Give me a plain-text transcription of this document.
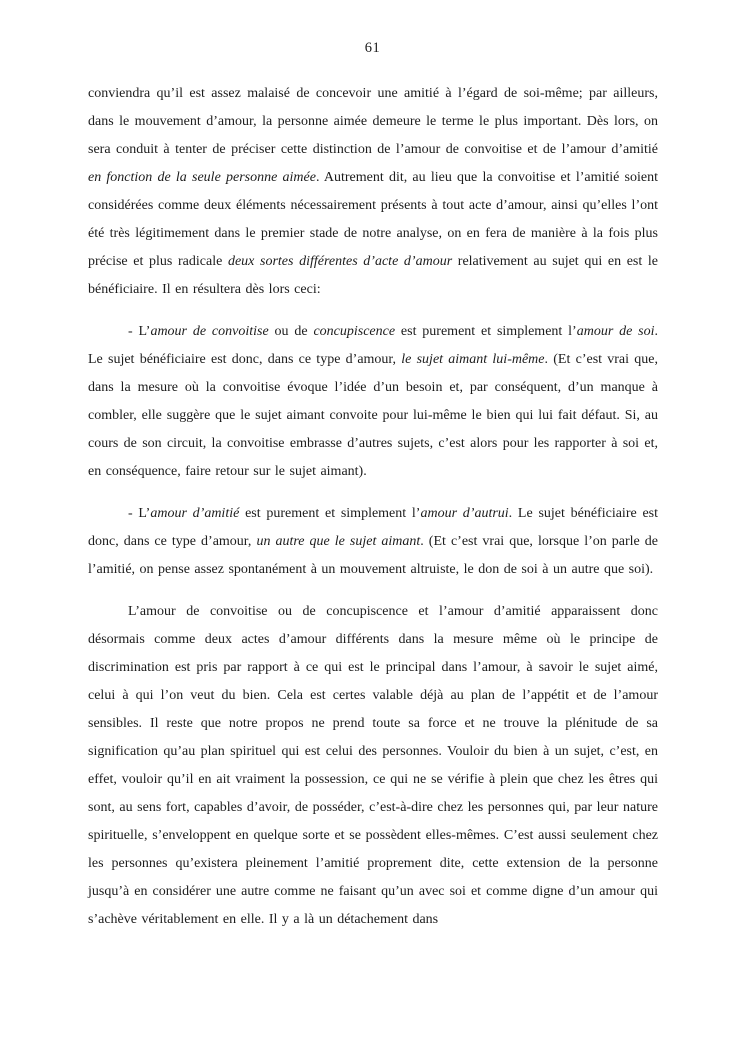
61

conviendra qu’il est assez malaisé de concevoir une amitié à l’égard de soi-même; par ailleurs, dans le mouvement d’amour, la personne aimée demeure le terme le plus important. Dès lors, on sera conduit à tenter de préciser cette distinction de l’amour de convoitise et de l’amour d’amitié en fonction de la seule personne aimée. Autrement dit, au lieu que la convoitise et l’amitié soient considérées comme deux éléments nécessairement présents à tout acte d’amour, ainsi qu’elles l’ont été très légitimement dans le premier stade de notre analyse, on en fera de manière à la fois plus précise et plus radicale deux sortes différentes d’acte d’amour relativement au sujet qui en est le bénéficiaire. Il en résultera dès lors ceci:

- L’amour de convoitise ou de concupiscence est purement et simplement l’amour de soi. Le sujet bénéficiaire est donc, dans ce type d’amour, le sujet aimant lui-même. (Et c’est vrai que, dans la mesure où la convoitise évoque l’idée d’un besoin et, par conséquent, d’un manque à combler, elle suggère que le sujet aimant convoite pour lui-même le bien qui lui fait défaut. Si, au cours de son circuit, la convoitise embrasse d’autres sujets, c’est alors pour les rapporter à soi et, en conséquence, faire retour sur le sujet aimant).

- L’amour d’amitié est purement et simplement l’amour d’autrui. Le sujet bénéficiaire est donc, dans ce type d’amour, un autre que le sujet aimant. (Et c’est vrai que, lorsque l’on parle de l’amitié, on pense assez spontanément à un mouvement altruiste, le don de soi à un autre que soi).

L’amour de convoitise ou de concupiscence et l’amour d’amitié apparaissent donc désormais comme deux actes d’amour différents dans la mesure même où le principe de discrimination est pris par rapport à ce qui est le principal dans l’amour, à savoir le sujet aimé, celui à qui l’on veut du bien. Cela est certes valable déjà au plan de l’appétit et de l’amour sensibles. Il reste que notre propos ne prend toute sa force et ne trouve la plénitude de sa signification qu’au plan spirituel qui est celui des personnes. Vouloir du bien à un sujet, c’est, en effet, vouloir qu’il en ait vraiment la possession, ce qui ne se vérifie à plein que chez les êtres qui sont, au sens fort, capables d’avoir, de posséder, c’est-à-dire chez les personnes qui, par leur nature spirituelle, s’enveloppent en quelque sorte et se possèdent elles-mêmes. C’est aussi seulement chez les personnes qu’existera pleinement l’amitié proprement dite, cette extension de la personne jusqu’à en considérer une autre comme ne faisant qu’un avec soi et comme digne d’un amour qui s’achève véritablement en elle. Il y a là un détachement dans
